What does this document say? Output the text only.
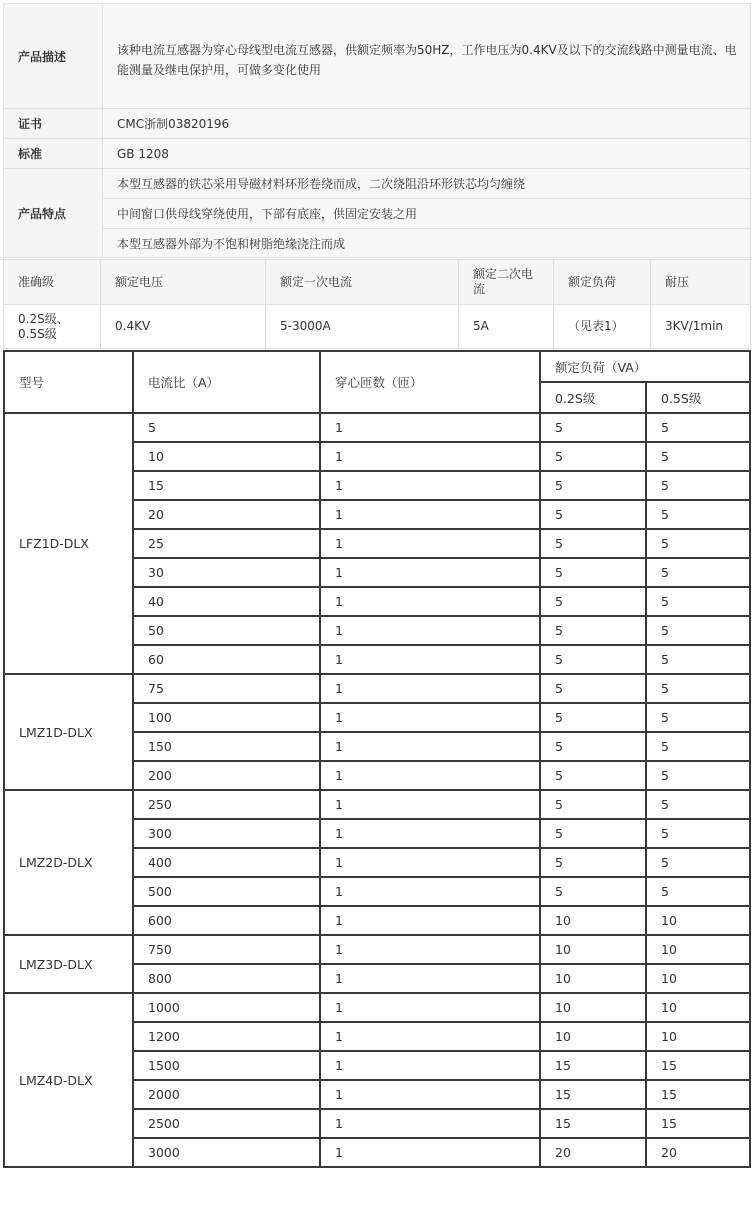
产品描述	该种电流互感器为穿心母线型电流互感器，供额定频率为50HZ，工作电压为0.4KV及以下的交流线路中测量电流、电能测量及继电保护用，可做多变化使用
证书	CMC浙制03820196
标准	GB 1208
产品特点	本型互感器的铁芯采用导磁材料环形卷绕而成，二次绕阻沿环形铁芯均匀缠绕
	中间窗口供母线穿绕使用，下部有底座，供固定安装之用
	本型互感器外部为不饱和树脂绝缘浇注而成
准确级	额定电压	额定一次电流	额定二次电流	额定负荷	耐压
0.2S级、0.5S级	0.4KV	5-3000A	5A	（见表1）	3KV/1min
型号	电流比（A）	穿心匝数（匝）	额定负荷（VA）	
			0.2S级	0.5S级
LFZ1D-DLX	5	1	5	5
	10	1	5	5
	15	1	5	5
	20	1	5	5
	25	1	5	5
	30	1	5	5
	40	1	5	5
	50	1	5	5
	60	1	5	5
LMZ1D-DLX	75	1	5	5
	100	1	5	5
	150	1	5	5
	200	1	5	5
LMZ2D-DLX	250	1	5	5
	300	1	5	5
	400	1	5	5
	500	1	5	5
	600	1	10	10
LMZ3D-DLX	750	1	10	10
	800	1	10	10
LMZ4D-DLX	1000	1	10	10
	1200	1	10	10
	1500	1	15	15
	2000	1	15	15
	2500	1	15	15
	3000	1	20	20
